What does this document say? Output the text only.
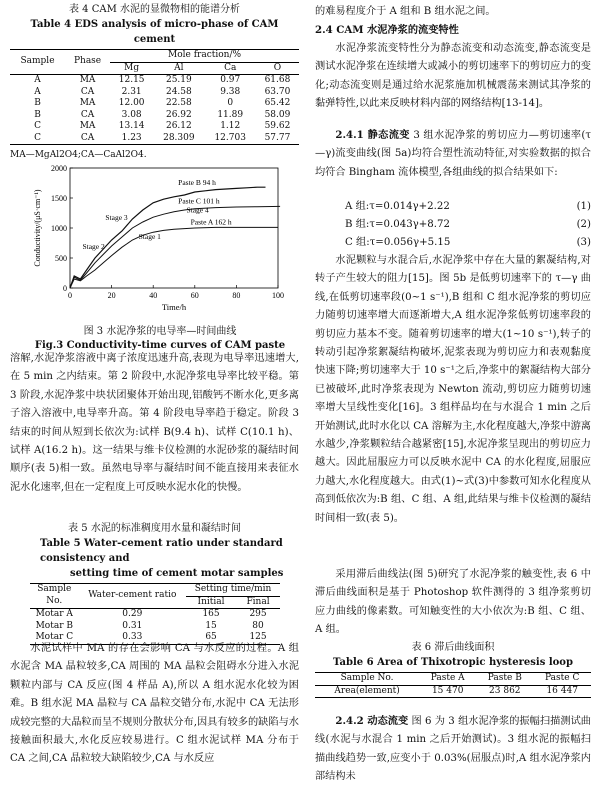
表 4 CAM 水泥的显微物相的能谱分析
Table 4 EDS analysis of micro-phase of CAM cement
Sample	Phase	Mole fraction/%			
		Mg	Al	Ca	O
A	MA	12.15	25.19	0.97	61.68
A	CA	2.31	24.58	9.38	63.70
B	MA	12.00	22.58	0	65.42
B	CA	3.08	26.92	11.89	58.09
C	MA	13.14	26.12	1.12	59.62
C	CA	1.23	28.309	12.703	57.77
MA—MgAl2O4;CA—CaAl2O4.
0	20	40	60	80	100
0
500
1000
1500
2000
Time/h
Conductivity/(μS·cm⁻¹)
Paste B 94 h
Paste C 101 h
Paste A 162 h
Stage 1
Stage 2
Stage 3
Stage 4
图 3 水泥净浆的电导率—时间曲线
Fig.3 Conductivity-time curves of CAM paste

溶解,水泥净浆溶液中离子浓度迅速升高,表现为电导率迅速增大,在 5 min 之内结束。第 2 阶段中,水泥净浆电导率比较平稳。第 3 阶段,水泥净浆中块状团聚体开始出现,铝酸钙不断水化,更多离子溶入溶液中,电导率升高。第 4 阶段电导率趋于稳定。阶段 3 结束的时间从短到长依次为:试样 B(9.4 h)、试样 C(10.1 h)、试样 A(16.2 h)。这一结果与维卡仪检测的水泥砂浆的凝结时间顺序(表 5)相一致。虽然电导率与凝结时间不能直接用来表征水泥水化速率,但在一定程度上可反映水泥水化的快慢。

表 5 水泥的标准稠度用水量和凝结时间
Table 5 Water-cement ratio under standard consistency and
setting time of cement motar samples
Sample	Water-cement ratio	Setting time/min	
No.		Initial	Final
Motar A	0.29	165	295
Motar B	0.31	15	80
Motar C	0.33	65	125

水泥试样中 MA 的存在会影响 CA 与水反应的过程。A 组水泥含 MA 晶粒较多,CA 周围的 MA 晶粒会阻碍水分进入水泥颗粒内部与 CA 反应(图 4 样品 A),所以 A 组水泥水化较为困难。B 组水泥 MA 晶粒与 CA 晶粒交错分布,水泥中 CA 无法形成较完整的大晶粒而呈不规则分散状分布,因具有较多的缺陷与水接触面积最大,水化反应较易进行。C 组水泥试样 MA 分布于 CA 之间,CA 晶粒较大缺陷较少,CA 与水反应

的难易程度介于 A 组和 B 组水泥之间。

2.4 CAM 水泥净浆的流变特性

水泥净浆流变特性分为静态流变和动态流变,静态流变是测试水泥净浆在连续增大或减小的剪切速率下的剪切应力的变化;动态流变则是通过给水泥浆施加机械震荡来测试其净浆的黏弹特性,以此来反映材料内部的网络结构[13-14]。

2.4.1 静态流变 3 组水泥净浆的剪切应力—剪切速率(τ—γ)流变曲线(图 5a)均符合塑性流动特征,对实验数据的拟合均符合 Bingham 流体模型,各组曲线的拟合结果如下:

A 组:τ=0.014γ+2.22	(1)
B 组:τ=0.043γ+8.72	(2)
C 组:τ=0.056γ+5.15	(3)

水泥颗粒与水混合后,水泥净浆中存在大量的絮凝结构,对转子产生较大的阻力[15]。图 5b 是低剪切速率下的 τ—γ 曲线,在低剪切速率段(0~1 s⁻¹),B 组和 C 组水泥净浆的剪切应力随剪切速率增大而逐渐增大,A 组水泥净浆低剪切速率段的剪切应力基本不变。随着剪切速率的增大(1~10 s⁻¹),转子的转动引起净浆絮凝结构破坏,泥浆表现为剪切应力和表观黏度快速下降;剪切速率大于 10 s⁻¹之后,净浆中的絮凝结构大部分已被破坏,此时净浆表现为 Newton 流动,剪切应力随剪切速率增大呈线性变化[16]。3 组样品均在与水混合 1 min 之后开始测试,此时水化以 CA 溶解为主,水化程度越大,净浆中游离水越少,净浆颗粒结合越紧密[15],水泥净浆呈现出的剪切应力越大。因此屈服应力可以反映水泥中 CA 的水化程度,屈服应力越大,水化程度越大。由式(1)~式(3)中参数可知水化程度从高到低依次为:B 组、C 组、A 组,此结果与维卡仪检测的凝结时间相一致(表 5)。

采用滞后曲线法(图 5)研究了水泥净浆的触变性,表 6 中滞后曲线面积是基于 Photoshop 软件测得的 3 组净浆剪切应力曲线的像素数。可知触变性的大小依次为:B 组、C 组、A 组。

表 6 滞后曲线面积
Table 6 Area of Thixotropic hysteresis loop
Sample No.	Paste A	Paste B	Paste C
Area(element)	15 470	23 862	16 447

2.4.2 动态流变 图 6 为 3 组水泥净浆的振幅扫描测试曲线(水泥与水混合 1 min 之后开始测试)。3 组水泥的振幅扫描曲线趋势一致,应变小于 0.03%(屈服点)时,A 组水泥净浆内部结构未
